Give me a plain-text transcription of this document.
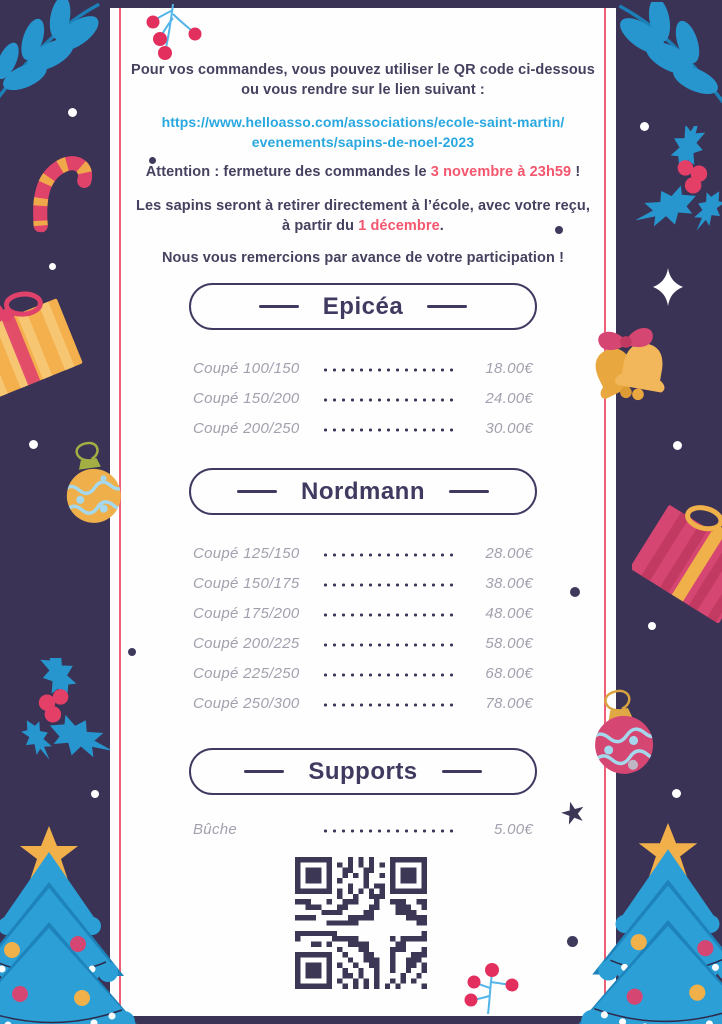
Pour vos commandes, vous pouvez utiliser le QR code ci-dessous
ou vous rendre sur le lien suivant :

https://www.helloasso.com/associations/ecole-saint-martin/
evenements/sapins-de-noel-2023

Attention : fermeture des commandes le 3 novembre à 23h59 !

Les sapins seront à retirer directement à l’école, avec votre reçu,
à partir du 1 décembre.

Nous vous remercions par avance de votre participation !

Epicéa
Coupé 100/150	18.00€
Coupé 150/200	24.00€
Coupé 200/250	30.00€
Nordmann
Coupé 125/150	28.00€
Coupé 150/175	38.00€
Coupé 175/200	48.00€
Coupé 200/225	58.00€
Coupé 225/250	68.00€
Coupé 250/300	78.00€
Supports
Bûche	5.00€ ★
